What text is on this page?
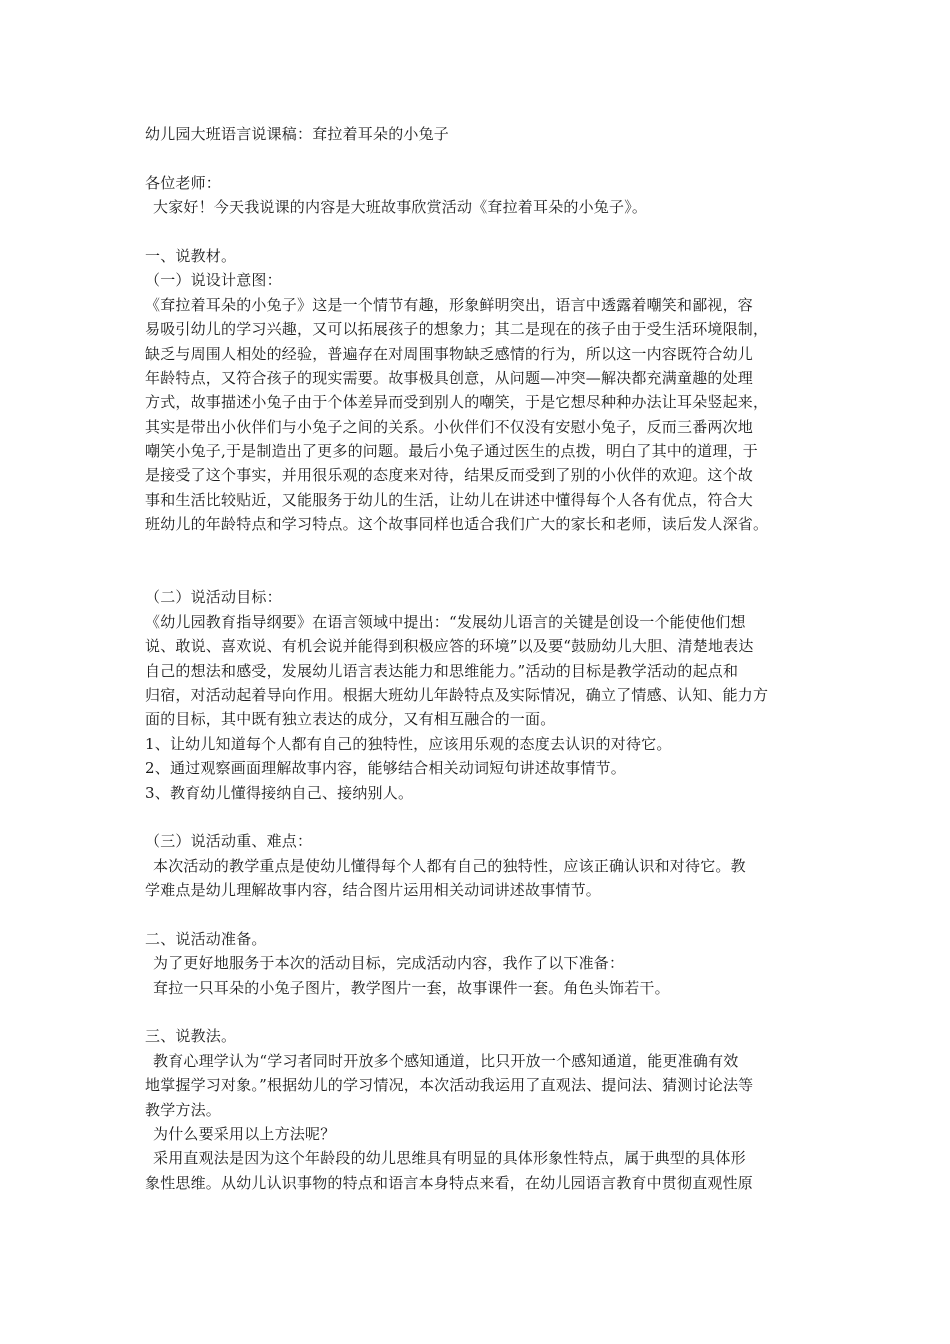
幼儿园大班语言说课稿：耷拉着耳朵的小兔子
各位老师：
大家好！今天我说课的内容是大班故事欣赏活动《耷拉着耳朵的小兔子》。
一、说教材。
（一）说设计意图：
《耷拉着耳朵的小兔子》这是一个情节有趣，形象鲜明突出，语言中透露着嘲笑和鄙视，容
易吸引幼儿的学习兴趣，又可以拓展孩子的想象力；其二是现在的孩子由于受生活环境限制，
缺乏与周围人相处的经验，普遍存在对周围事物缺乏感情的行为，所以这一内容既符合幼儿
年龄特点，又符合孩子的现实需要。故事极具创意，从问题—冲突—解决都充满童趣的处理
方式，故事描述小兔子由于个体差异而受到别人的嘲笑，于是它想尽种种办法让耳朵竖起来，
其实是带出小伙伴们与小兔子之间的关系。小伙伴们不仅没有安慰小兔子，反而三番两次地
嘲笑小兔子,于是制造出了更多的问题。最后小兔子通过医生的点拨，明白了其中的道理，于
是接受了这个事实，并用很乐观的态度来对待，结果反而受到了别的小伙伴的欢迎。这个故
事和生活比较贴近，又能服务于幼儿的生活，让幼儿在讲述中懂得每个人各有优点，符合大
班幼儿的年龄特点和学习特点。这个故事同样也适合我们广大的家长和老师，读后发人深省。
（二）说活动目标：
《幼儿园教育指导纲要》在语言领域中提出：“发展幼儿语言的关键是创设一个能使他们想
说、敢说、喜欢说、有机会说并能得到积极应答的环境”以及要“鼓励幼儿大胆、清楚地表达
自己的想法和感受，发展幼儿语言表达能力和思维能力。”活动的目标是教学活动的起点和
归宿，对活动起着导向作用。根据大班幼儿年龄特点及实际情况，确立了情感、认知、能力方
面的目标，其中既有独立表达的成分，又有相互融合的一面。
1、让幼儿知道每个人都有自己的独特性，应该用乐观的态度去认识的对待它。
2、通过观察画面理解故事内容，能够结合相关动词短句讲述故事情节。
3、教育幼儿懂得接纳自己、接纳别人。
（三）说活动重、难点：
本次活动的教学重点是使幼儿懂得每个人都有自己的独特性，应该正确认识和对待它。教
学难点是幼儿理解故事内容，结合图片运用相关动词讲述故事情节。
二、说活动准备。
为了更好地服务于本次的活动目标，完成活动内容，我作了以下准备：
耷拉一只耳朵的小兔子图片，教学图片一套，故事课件一套。角色头饰若干。
三、说教法。
教育心理学认为“学习者同时开放多个感知通道，比只开放一个感知通道，能更准确有效
地掌握学习对象。”根据幼儿的学习情况，本次活动我运用了直观法、提问法、猜测讨论法等
教学方法。
为什么要采用以上方法呢？
采用直观法是因为这个年龄段的幼儿思维具有明显的具体形象性特点，属于典型的具体形
象性思维。从幼儿认识事物的特点和语言本身特点来看，在幼儿园语言教育中贯彻直观性原
